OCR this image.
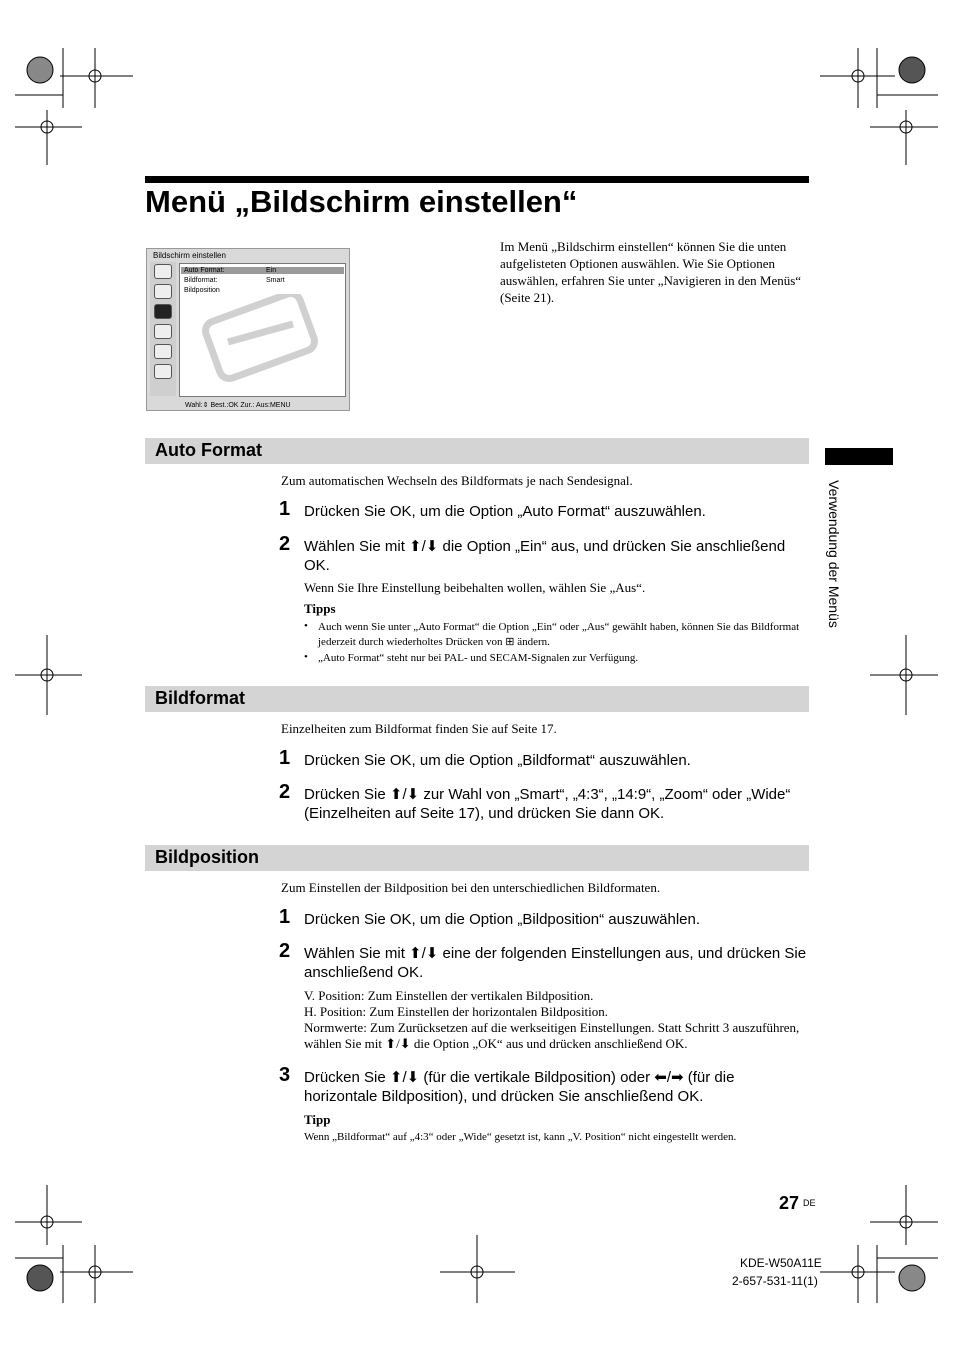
Menü „Bildschirm einstellen“
Bildschirm einstellen
Auto Format:	Ein
Bildformat:	Smart
Bildposition
Wahl:⇕ Best.:OK Zur.: Aus:MENU
Im Menü „Bildschirm einstellen“ können Sie die unten aufgelisteten Optionen auswählen. Wie Sie Optionen auswählen, erfahren Sie unter „Navigieren in den Menüs“ (Seite 21).
Verwendung der Menüs
Auto Format
Zum automatischen Wechseln des Bildformats je nach Sendesignal.
1 Drücken Sie OK, um die Option „Auto Format“ auszuwählen.
2 Wählen Sie mit ⬆/⬇ die Option „Ein“ aus, und drücken Sie anschließend OK.
Wenn Sie Ihre Einstellung beibehalten wollen, wählen Sie „Aus“.
Tipps
• Auch wenn Sie unter „Auto Format“ die Option „Ein“ oder „Aus“ gewählt haben, können Sie das Bildformat jederzeit durch wiederholtes Drücken von ⊞ ändern.
• „Auto Format“ steht nur bei PAL- und SECAM-Signalen zur Verfügung.
Bildformat
Einzelheiten zum Bildformat finden Sie auf Seite 17.
1 Drücken Sie OK, um die Option „Bildformat“ auszuwählen.
2 Drücken Sie ⬆/⬇ zur Wahl von „Smart“, „4:3“, „14:9“, „Zoom“ oder „Wide“ (Einzelheiten auf Seite 17), und drücken Sie dann OK.
Bildposition
Zum Einstellen der Bildposition bei den unterschiedlichen Bildformaten.
1 Drücken Sie OK, um die Option „Bildposition“ auszuwählen.
2 Wählen Sie mit ⬆/⬇ eine der folgenden Einstellungen aus, und drücken Sie anschließend OK.
V. Position: Zum Einstellen der vertikalen Bildposition.
H. Position: Zum Einstellen der horizontalen Bildposition.
Normwerte: Zum Zurücksetzen auf die werkseitigen Einstellungen. Statt Schritt 3 auszuführen, wählen Sie mit ⬆/⬇ die Option „OK“ aus und drücken anschließend OK.
3 Drücken Sie ⬆/⬇ (für die vertikale Bildposition) oder ⬅/➡ (für die horizontale Bildposition), und drücken Sie anschließend OK.
Tipp
Wenn „Bildformat“ auf „4:3“ oder „Wide“ gesetzt ist, kann „V. Position“ nicht eingestellt werden.
27 DE
KDE-W50A11E
2-657-531-11(1)
